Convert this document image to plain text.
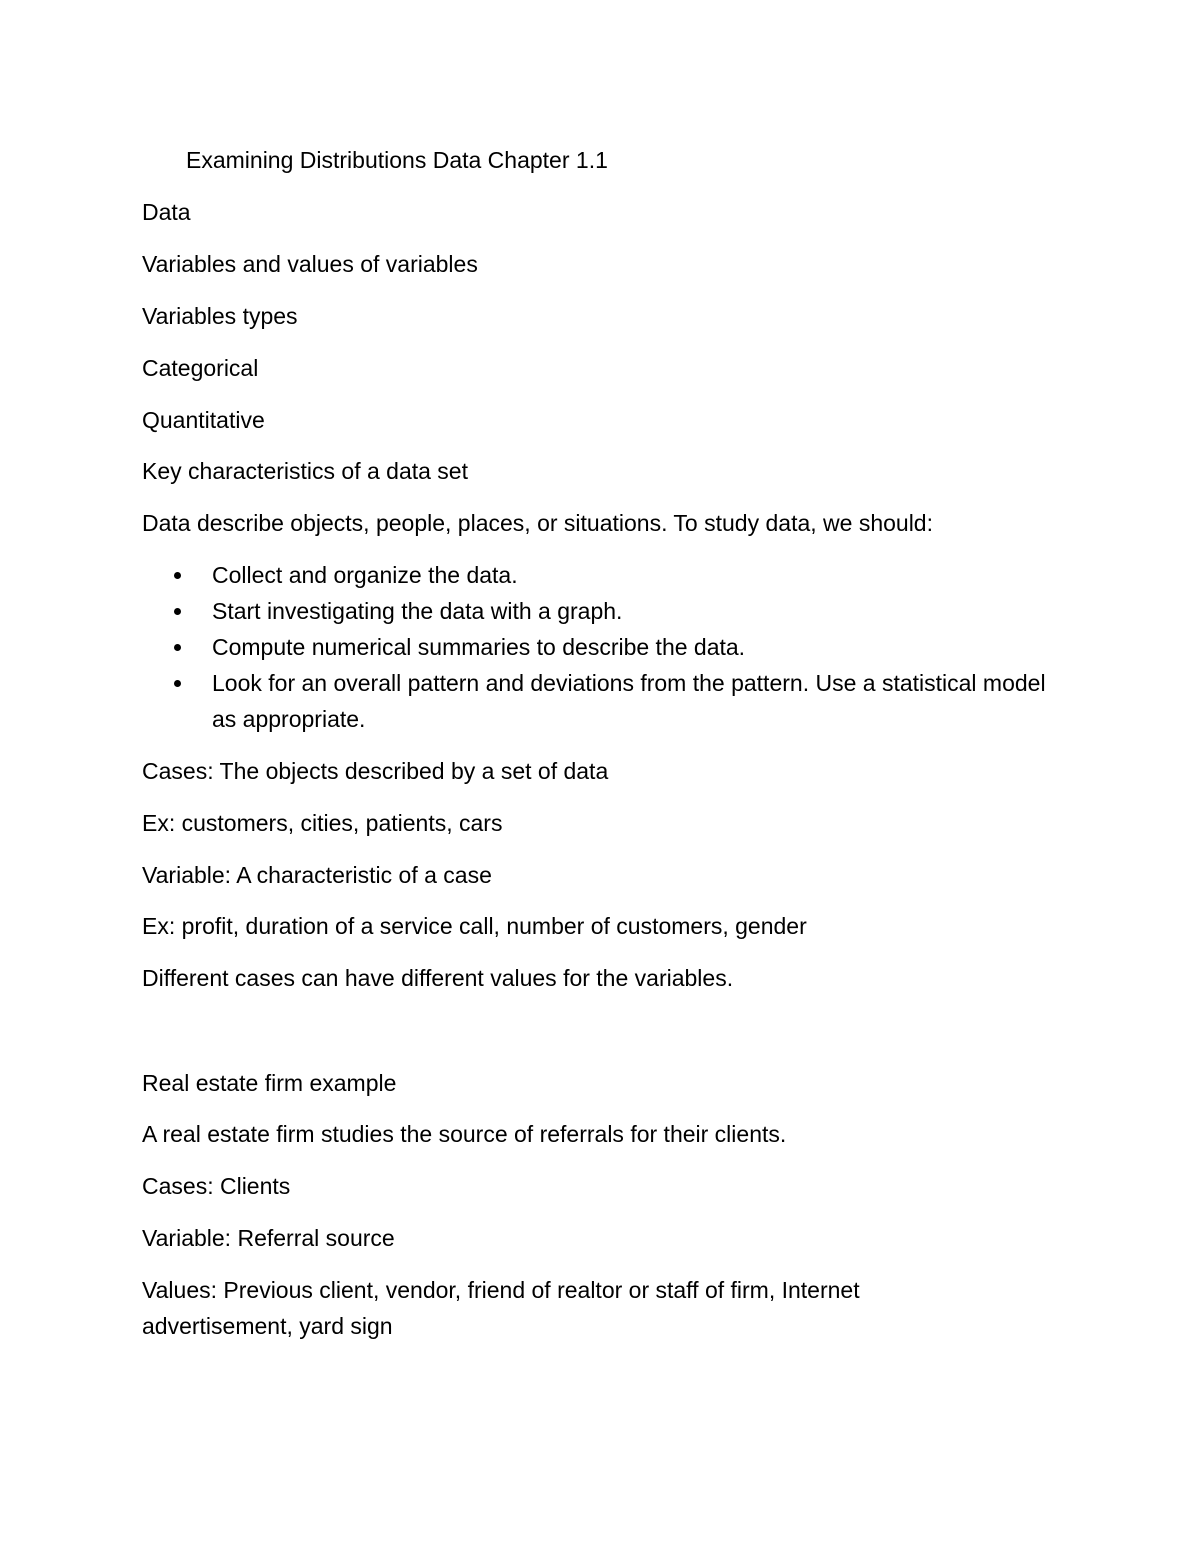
Examining Distributions Data Chapter 1.1
Data
Variables and values of variables
Variables types
Categorical
Quantitative
Key characteristics of a data set
Data describe objects, people, places, or situations. To study data, we should:
Collect and organize the data.
Start investigating the data with a graph.
Compute numerical summaries to describe the data.
Look for an overall pattern and deviations from the pattern. Use a statistical model as appropriate.
Cases: The objects described by a set of data
Ex: customers, cities, patients, cars
Variable: A characteristic of a case
Ex: profit, duration of a service call, number of customers, gender
Different cases can have different values for the variables.
Real estate firm example
A real estate firm studies the source of referrals for their clients.
Cases: Clients
Variable: Referral source
Values: Previous client, vendor, friend of realtor or staff of firm, Internet advertisement, yard sign
